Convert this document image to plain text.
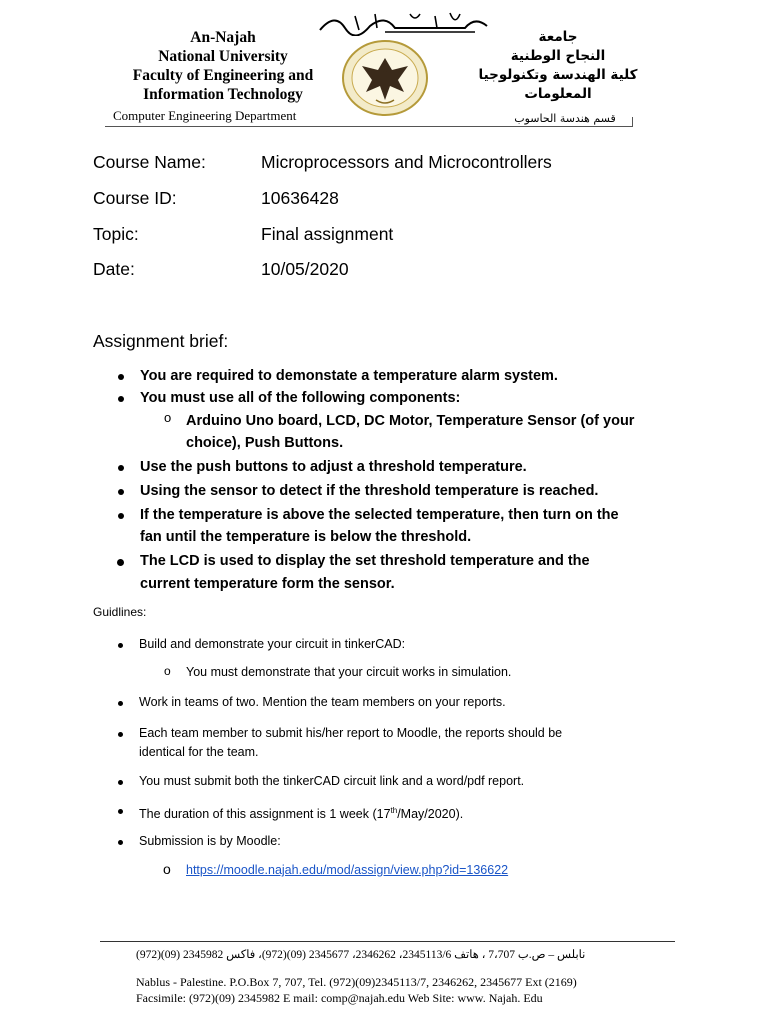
An-Najah
National University
Faculty of Engineering and
Information Technology
Computer Engineering Department
جامعة
النجاح الوطنية
كلية الهندسة وتكنولوجيا
المعلومات
قسم هندسة الحاسوب
Course Name:	Microprocessors and Microcontrollers
Course ID:	10636428
Topic:	Final assignment
Date:	10/05/2020
Assignment brief:
You are required to demonstate a temperature alarm system.
You must use all of the following components:
o Arduino Uno board, LCD, DC Motor, Temperature Sensor (of your
choice), Push Buttons.
Use the push buttons to adjust a threshold temperature.
Using the sensor to detect if the threshold temperature is reached.
If the temperature is above the selected temperature, then turn on the
fan until the temperature is below the threshold.
The LCD is used to display the set threshold temperature and the
current temperature form the sensor.
Guidlines:
Build and demonstrate your circuit in tinkerCAD:
o You must demonstrate that your circuit works in simulation.
Work in teams of two. Mention the team members on your reports.
Each team member to submit his/her report to Moodle, the reports should be
identical for the team.
You must submit both the tinkerCAD circuit link and a word/pdf report.
The duration of this assignment is 1 week (17th/May/2020).
Submission is by Moodle:
o https://moodle.najah.edu/mod/assign/view.php?id=136622
نابلس – ص.ب 7،707 ، هاتف 2345113/6، 2346262، 2345677 (09)(972)، فاكس 2345982 (09)(972)
Nablus - Palestine. P.O.Box 7, 707, Tel. (972)(09)2345113/7, 2346262, 2345677 Ext (2169)
Facsimile: (972)(09) 2345982 E mail: comp@najah.edu Web Site: www. Najah. Edu
